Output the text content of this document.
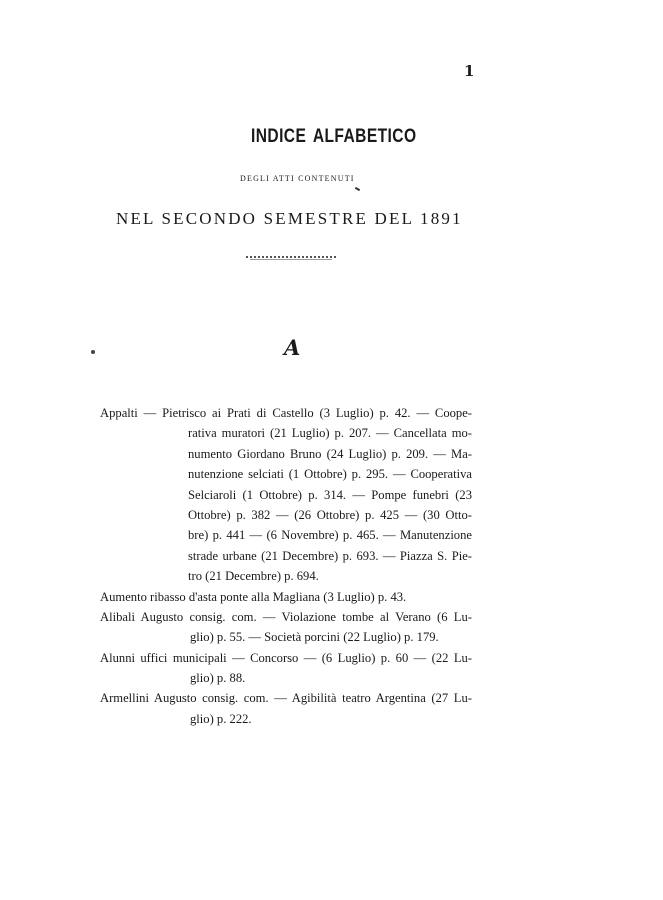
1
INDICE ALFABETICO
DEGLI ATTI CONTENUTI
NEL SECONDO SEMESTRE DEL 1891
A
Appalti — Pietrisco ai Prati di Castello (3 Luglio) p. 42. — Coope-
rativa muratori (21 Luglio) p. 207. — Cancellata mo-
numento Giordano Bruno (24 Luglio) p. 209. — Ma-
nutenzione selciati (1 Ottobre) p. 295. — Cooperativa
Selciaroli (1 Ottobre) p. 314. — Pompe funebri (23
Ottobre) p. 382 — (26 Ottobre) p. 425 — (30 Otto-
bre) p. 441 — (6 Novembre) p. 465. — Manutenzione
strade urbane (21 Decembre) p. 693. — Piazza S. Pie-
tro (21 Decembre) p. 694.
Aumento ribasso d'asta ponte alla Magliana (3 Luglio) p. 43.
Alibali Augusto consig. com. — Violazione tombe al Verano (6 Lu-
glio) p. 55. — Società porcini (22 Luglio) p. 179.
Alunni uffici municipali — Concorso — (6 Luglio) p. 60 — (22 Lu-
glio) p. 88.
Armellini Augusto consig. com. — Agibilità teatro Argentina (27 Lu-
glio) p. 222.
